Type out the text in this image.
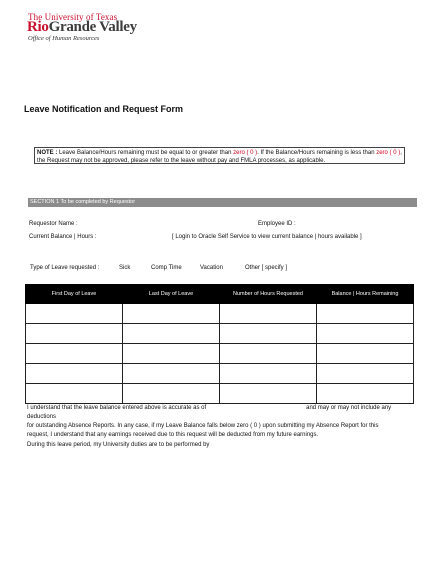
The University of Texas
RioGrande Valley
Office of Human Resources
Leave Notification and Request Form
NOTE : Leave Balance/Hours remaining must be equal to or greater than zero ( 0 ). If the Balance/Hours remaining is less than zero ( 0 ), the Request may not be approved, please refer to the leave without pay and FMLA processes, as applicable.
SECTION 1 To be completed by Requestor
Requestor Name :	Employee ID :
Current Balance | Hours :	[ Login to Oracle Self Service to view current balance | hours available ]
Type of Leave requested :	Sick	Comp Time	Vacation	Other [ specify ]
First Day of Leave	Last Day of Leave	Number of Hours Requested	Balance | Hours Remaining

I understand that the leave balance entered above is accurate as of	and may or may not include any deductions
for outstanding Absence Reports. In any case, if my Leave Balance falls below zero ( 0 ) upon submitting my Absence Report for this
request, I understand that any earnings received due to this request will be deducted from my future earnings.
During this leave period, my University duties are to be performed by
